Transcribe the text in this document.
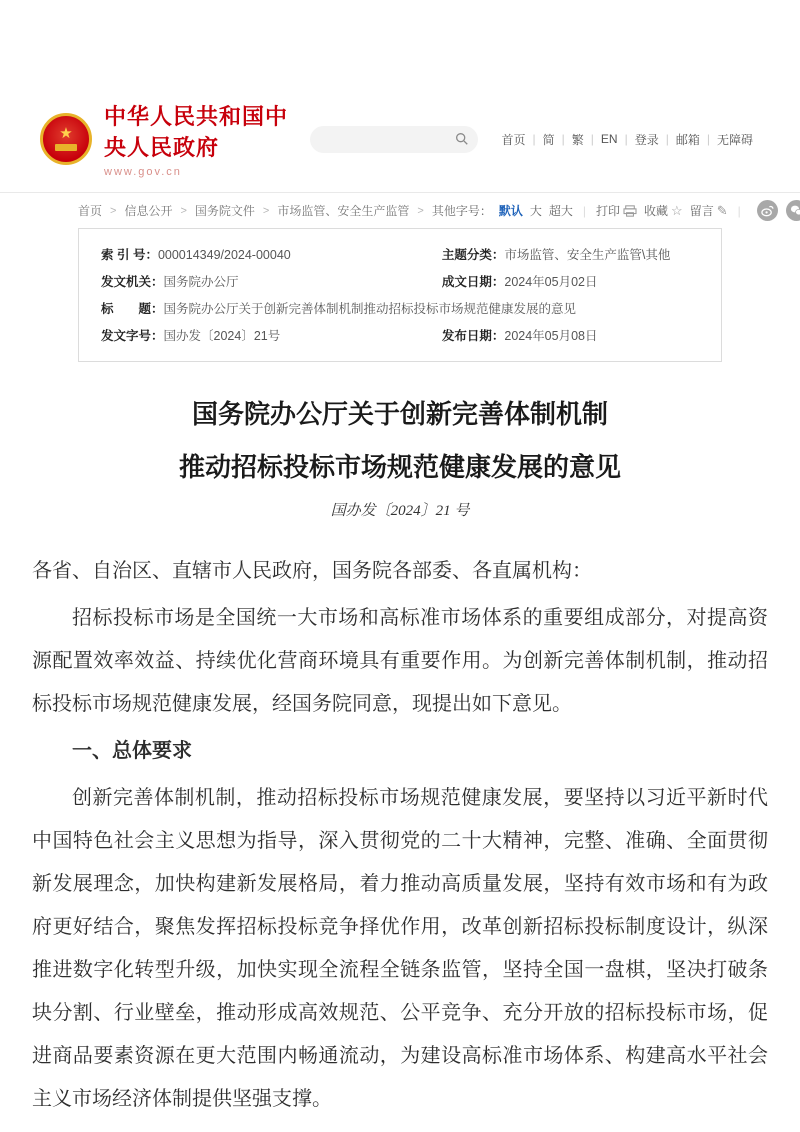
★
中华人民共和国中央人民政府
www.gov.cn
首页 | 简 | 繁 | EN | 登录 | 邮箱 | 无障碍
首页 > 信息公开 > 国务院文件 > 市场监管、安全生产监管 > 其他 字号： 默认 大 超大 | 打印 收藏 ☆ 留言 ✎ |
索 引 号：000014349/2024-00040	主题分类：市场监管、安全生产监管\其他
发文机关：国务院办公厅	成文日期：2024年05月02日
标　　题：国务院办公厅关于创新完善体制机制推动招标投标市场规范健康发展的意见
发文字号：国办发〔2024〕21号	发布日期：2024年05月08日
国务院办公厅关于创新完善体制机制
推动招标投标市场规范健康发展的意见
国办发〔2024〕21 号

各省、自治区、直辖市人民政府，国务院各部委、各直属机构：

招标投标市场是全国统一大市场和高标准市场体系的重要组成部分，对提高资源配置效率效益、持续优化营商环境具有重要作用。为创新完善体制机制，推动招标投标市场规范健康发展，经国务院同意，现提出如下意见。

一、总体要求

创新完善体制机制，推动招标投标市场规范健康发展，要坚持以习近平新时代中国特色社会主义思想为指导，深入贯彻党的二十大精神，完整、准确、全面贯彻新发展理念，加快构建新发展格局，着力推动高质量发展，坚持有效市场和有为政府更好结合，聚焦发挥招标投标竞争择优作用，改革创新招标投标制度设计，纵深推进数字化转型升级，加快实现全流程全链条监管，坚持全国一盘棋，坚决打破条块分割、行业壁垒，推动形成高效规范、公平竞争、充分开放的招标投标市场，促进商品要素资源在更大范围内畅通流动，为建设高标准市场体系、构建高水平社会主义市场经济体制提供坚强支撑。
